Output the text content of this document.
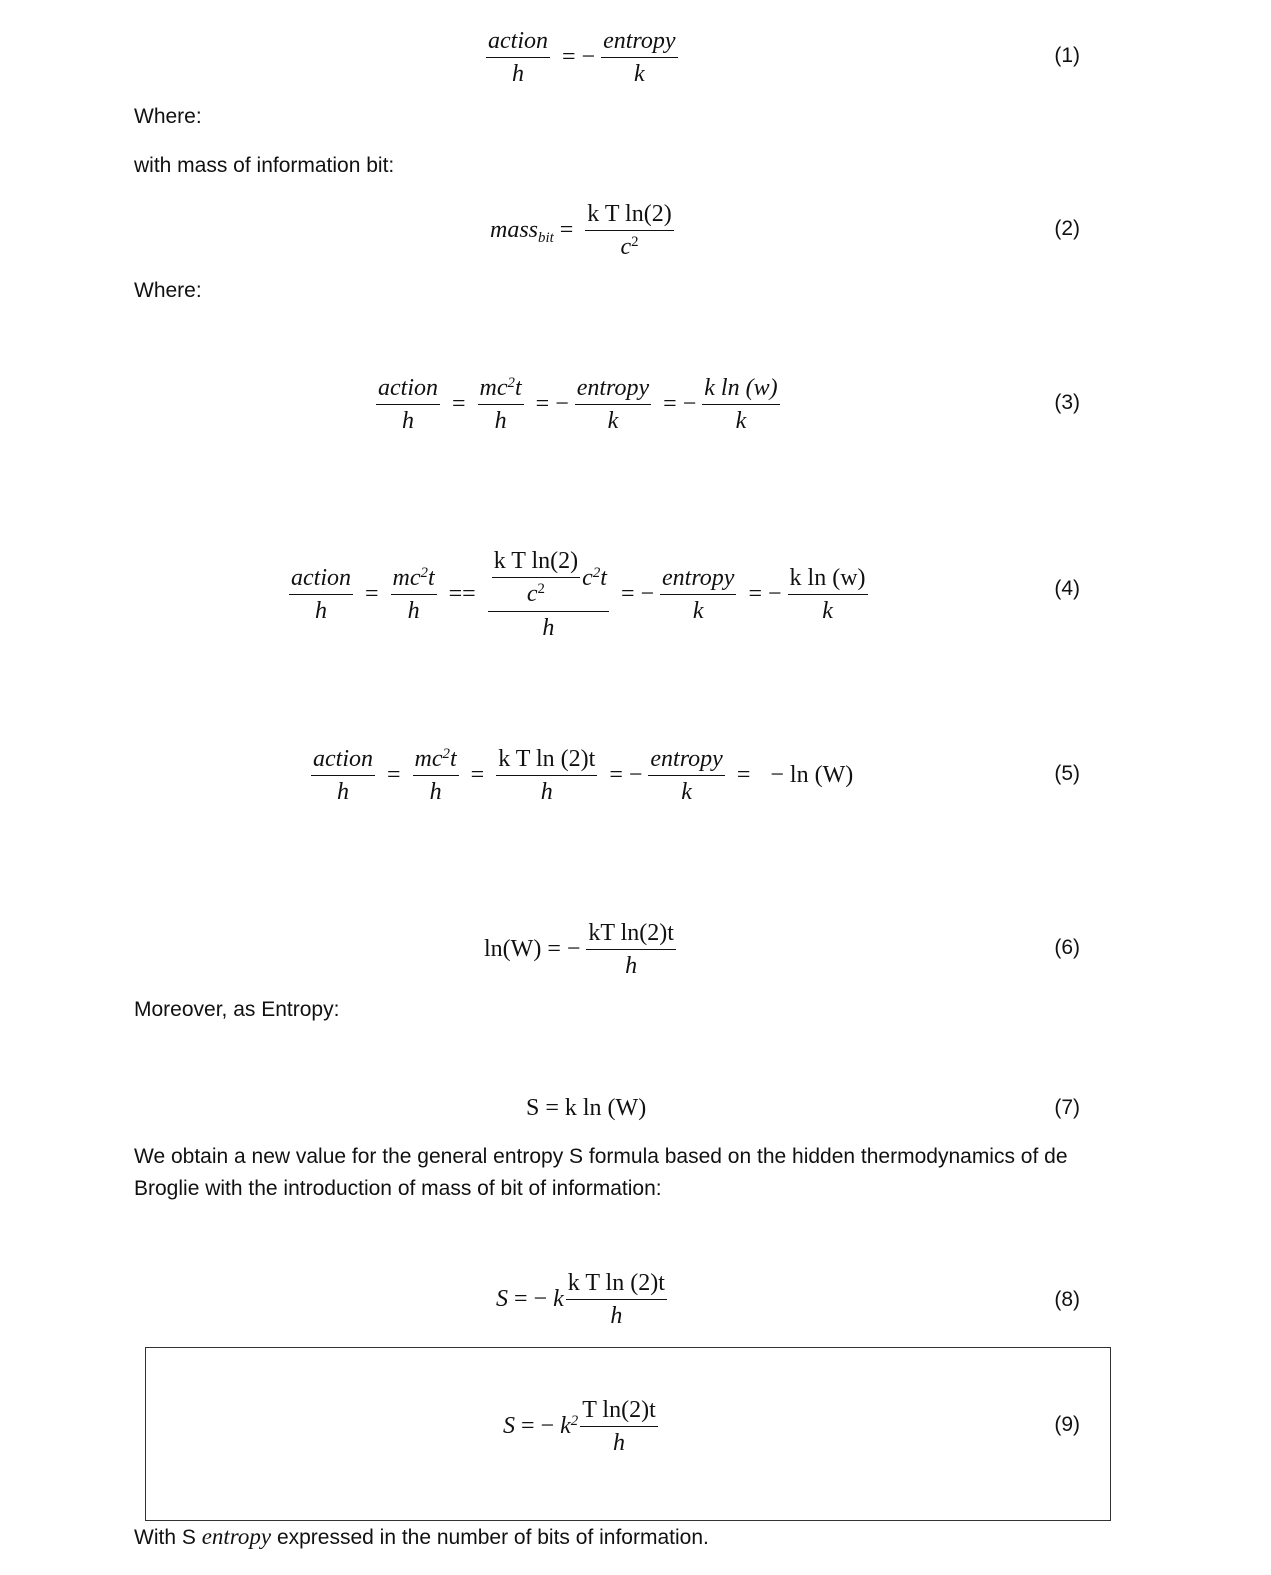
$\frac{\text{action}}{h}$ = − $\frac{\text{entropy}}{k}$	(1)
Where:
with mass of information bit:
mass$_{bit}$ = $\frac{\text{k T ln(2)}}{c^2}$	(2)
Where:
$\frac{\text{action}}{h} = \frac{mc^2t}{h}$ = − $\frac{\text{entropy}}{k}$ = − $\frac{\text{k ln (w)}}{k}$	(3)
$\frac{\text{action}}{h} = \frac{mc^2t}{h} == \frac{\frac{\text{k T ln(2)}}{c^2} c^2t}{h}$ = − $\frac{\text{entropy}}{k}$ = − $\frac{\text{k ln (w)}}{k}$	(4)
$\frac{\text{action}}{h} = \frac{mc^2t}{h} = \frac{\text{k T ln (2)t}}{h}$ = − $\frac{\text{entropy}}{k}$ = − ln (W)	(5)
ln(W) = − $\frac{\text{kT ln(2)t}}{h}$	(6)
Moreover, as Entropy:
S = k ln (W)	(7)
We obtain a new value for the general entropy S formula based on the hidden thermodynamics of de Broglie with the introduction of mass of bit of information:
S = − k $\frac{\text{k T ln (2)t}}{h}$	(8)
S = − $k^2 \frac{\text{T ln(2)t}}{h}$	(9)
With S entropy expressed in the number of bits of information.
